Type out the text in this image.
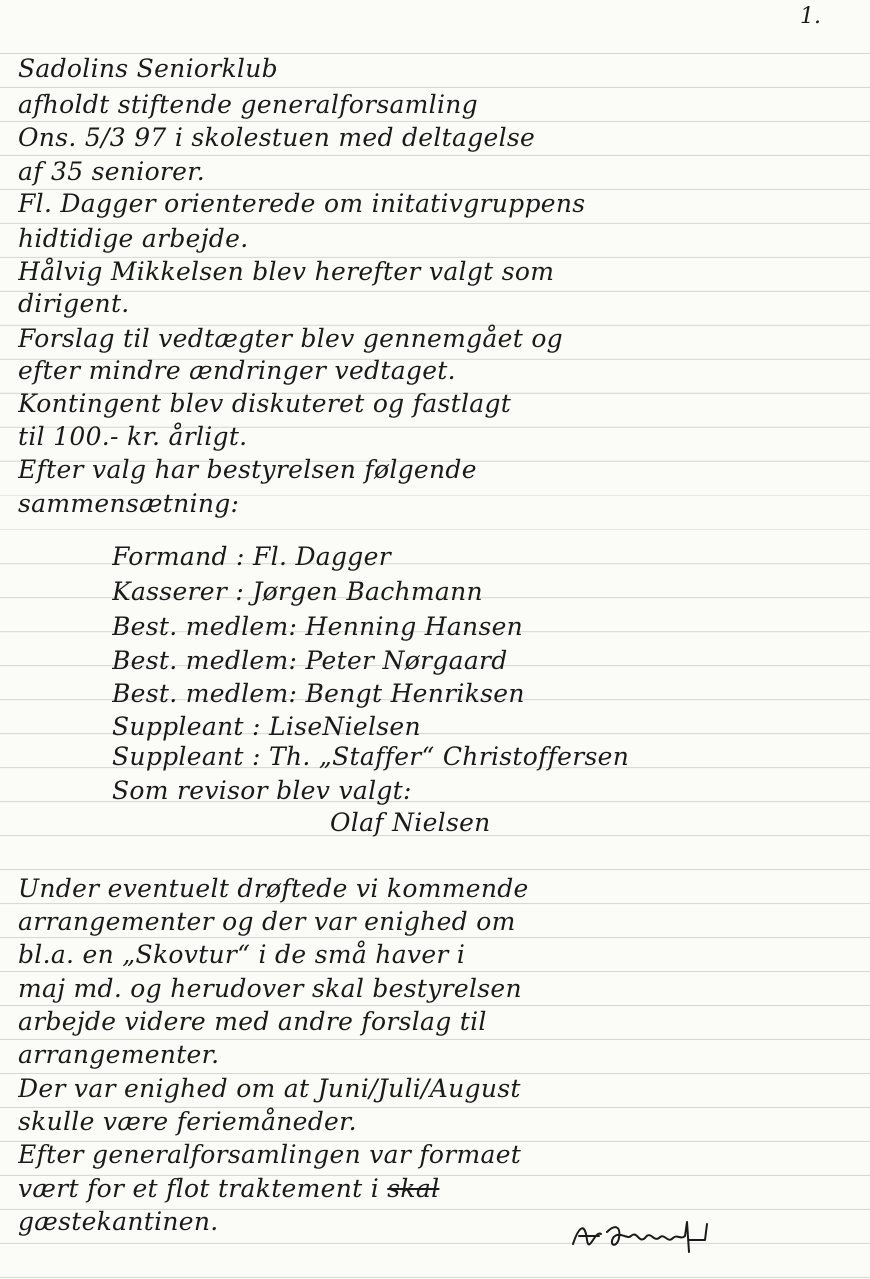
1.
Sadolins Seniorklub
afholdt stiftende generalforsamling
Ons. 5/3 97 i skolestuen med deltagelse
af 35 seniorer.
Fl. Dagger orienterede om initativgruppens
hidtidige arbejde.
Hålvig Mikkelsen blev herefter valgt som
dirigent.
Forslag til vedtægter blev gennemgået og
efter mindre ændringer vedtaget.
Kontingent blev diskuteret og fastlagt
til 100.- kr. årligt.
Efter valg har bestyrelsen følgende
sammensætning:
Formand : Fl. Dagger
Kasserer : Jørgen Bachmann
Best. medlem: Henning Hansen
Best. medlem: Peter Nørgaard
Best. medlem: Bengt Henriksen
Suppleant : LiseNielsen
Suppleant : Th. „Staffer“ Christoffersen
Som revisor blev valgt:
Olaf Nielsen
Under eventuelt drøftede vi kommende
arrangementer og der var enighed om
bl.a. en „Skovtur“ i de små haver i
maj md. og herudover skal bestyrelsen
arbejde videre med andre forslag til
arrangementer.
Der var enighed om at Juni/Juli/August
skulle være feriemåneder.
Efter generalforsamlingen var formaet
vært for et flot traktement i skal
gæstekantinen.
